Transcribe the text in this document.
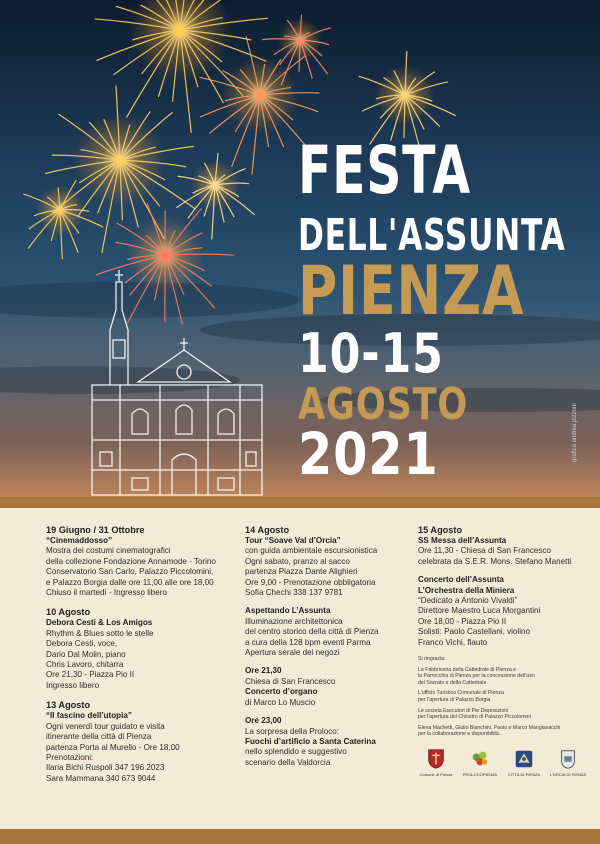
FESTA
DELL'ASSUNTA
PIENZA
10-15
AGOSTO
2021	grafica andrea pizzoni
19 Giugno / 31 Ottobre
“Cinemaddosso”
Mostra dei costumi cinematografici
della collezione Fondazione Annamode - Torino
Conservatorio San Carlo, Palazzo Piccolomini,
e Palazzo Borgia dalle ore 11,00 alle ore 18,00
Chiuso il martedì - Ingresso libero
10 Agosto
Debora Cesti & Los Amigos
Rhythm & Blues sotto le stelle
Debora Cesti, voce,
Dario Dal Molin, piano
Chris Lavoro, chitarra
Ore 21,30 - Piazza Pio II
Ingresso libero
13 Agosto
“Il fascino dell’utopia”
Ogni venerdì tour guidato e visita
itinerante della città di Pienza
partenza Porta al Murello - Ore 18,00
Prenotazioni:
Ilaria Bichi Ruspoli 347 196 2023
Sara Mammana 340 673 9044
14 Agosto
Tour “Soave Val d’Orcia”
con guida ambientale escursionistica
Ogni sabato, pranzo al sacco
partenza Piazza Dante Alighieri
Ore 9,00 - Prenotazione obbligatoria
Sofia Chechi 338 137 9781
Aspettando L’Assunta
Illuminazione architettonica
del centro storico della città di Pienza
a cura della 128 bpm eventi Parma
Apertura serale dei negozi
Ore 21,30
Chiesa di San Francesco
Concerto d’organo
di Marco Lo Muscio
Ore 23,00
La sorpresa della Proloco:
Fuochi d’artificio a Santa Caterina
nello splendido e suggestivo
scenario della Valdorcia
15 Agosto
SS Messa dell’Assunta
Ore 11,30 - Chiesa di San Francesco
celebrata da S.E.R. Mons. Stefano Manetti
Concerto dell’Assunta
L’Orchestra della Miniera
“Dedicato a Antonio Vivaldi”
Direttore Maestro Luca Morgantini
Ore 18,00 - Piazza Pio II
Solisti: Paolo Castellani, violino
Franco Vichi, flauto
Si ringrazia:
La Fabbriceria della Cattedrale di Pienza e
la Parrocchia di Pienza per la concessione dell’uso
del Sacrato e della Cattedrale
L’ufficio Turistico Comunale di Pienza
per l’apertura di Palazzo Borgia
Le società Esecutori di Pie Disposizioni
per l’apertura del Chiostro di Palazzo Piccolomini
Elena Machetti, Giulio Bianchini, Paolo e Marco Mangiavacchi
per la collaborazione e disponibilità.
Comune di Pienza	PROLOCOPIENZA	CITTÀ DI PIENZA L’ORCIA DI PIENZA
